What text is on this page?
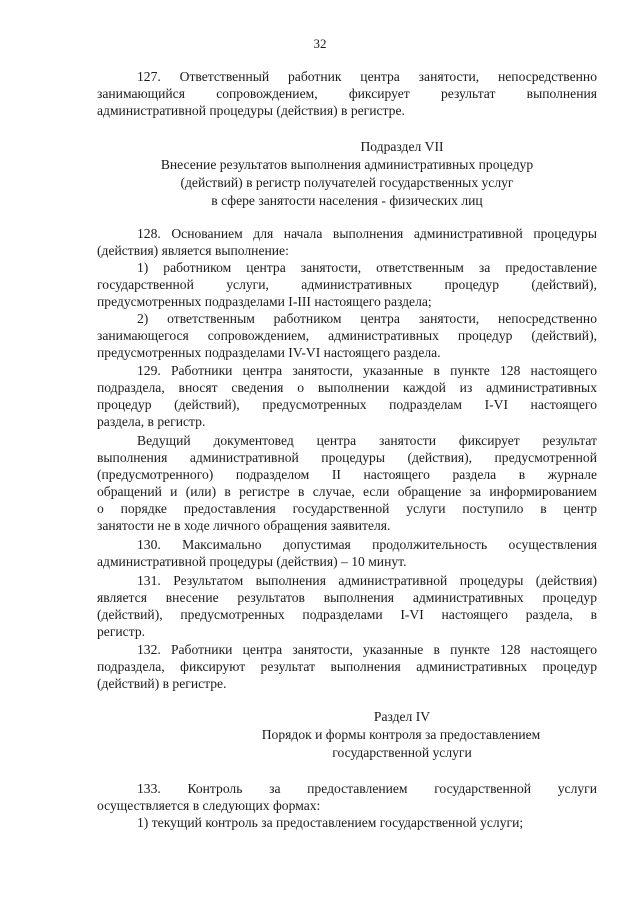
32
127. Ответственный работник центра занятости, непосредственно
занимающийся сопровождением, фиксирует результат выполнения
административной процедуры (действия) в регистре.
Подраздел VII
Внесение результатов выполнения административных процедур
(действий) в регистр получателей государственных услуг
в сфере занятости населения - физических лиц
128. Основанием для начала выполнения административной процедуры
(действия) является выполнение:
1) работником центра занятости, ответственным за предоставление
государственной услуги, административных процедур (действий),
предусмотренных подразделами I-III настоящего раздела;
2) ответственным работником центра занятости, непосредственно
занимающегося сопровождением, административных процедур (действий),
предусмотренных подразделами IV-VI настоящего раздела.
129. Работники центра занятости, указанные в пункте 128 настоящего
подраздела, вносят сведения о выполнении каждой из административных
процедур (действий), предусмотренных подразделам I-VI настоящего
раздела, в регистр.
Ведущий документовед центра занятости фиксирует результат
выполнения административной процедуры (действия), предусмотренной
(предусмотренного) подразделом II настоящего раздела в журнале
обращений и (или) в регистре в случае, если обращение за информированием
о порядке предоставления государственной услуги поступило в центр
занятости не в ходе личного обращения заявителя.
130. Максимально допустимая продолжительность осуществления
административной процедуры (действия) – 10 минут.
131. Результатом выполнения административной процедуры (действия)
является внесение результатов выполнения административных процедур
(действий), предусмотренных подразделами I-VI настоящего раздела, в
регистр.
132. Работники центра занятости, указанные в пункте 128 настоящего
подраздела, фиксируют результат выполнения административных процедур
(действий) в регистре.
Раздел IV
Порядок и формы контроля за предоставлением
государственной услуги
133. Контроль за предоставлением государственной услуги
осуществляется в следующих формах:
1) текущий контроль за предоставлением государственной услуги;
